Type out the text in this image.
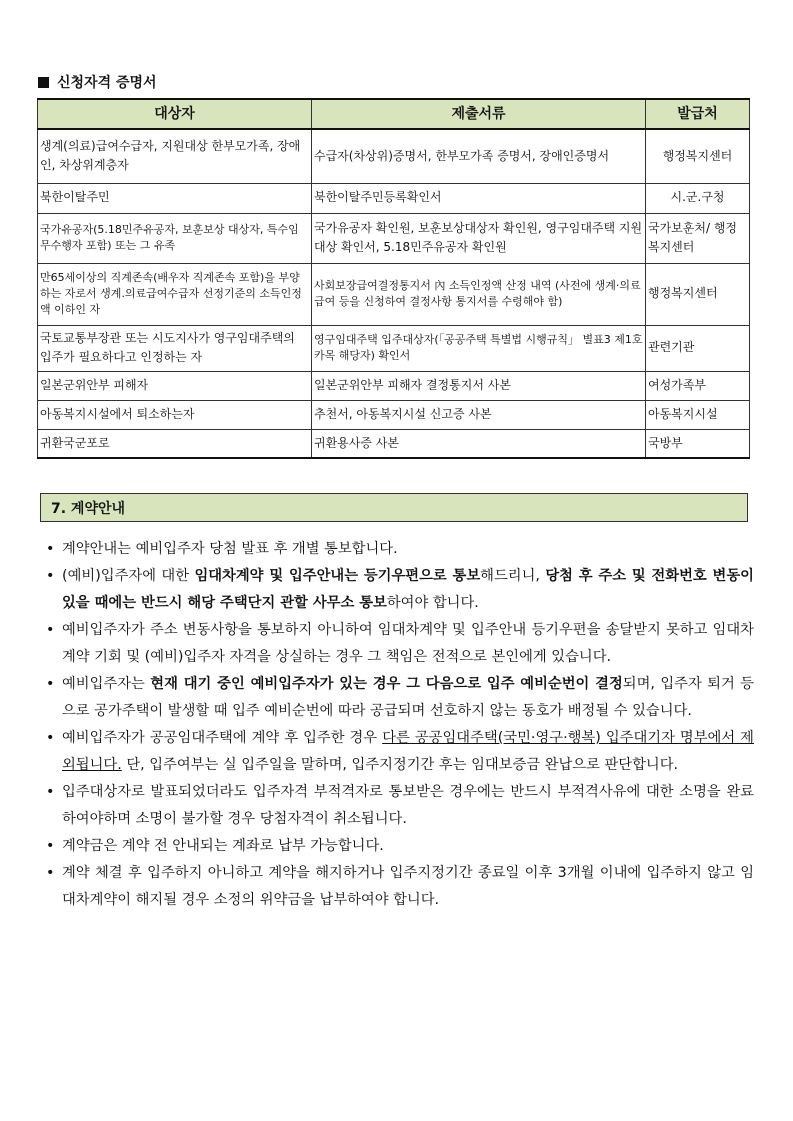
신청자격 증명서
대상자	제출서류	발급처
생계(의료)급여수급자, 지원대상 한부모가족, 장애인, 차상위계층자	수급자(차상위)증명서, 한부모가족 증명서, 장애인증명서	행정복지센터
북한이탈주민	북한이탈주민등록확인서	시.군.구청
국가유공자(5.18민주유공자, 보훈보상 대상자, 특수임무수행자 포함) 또는 그 유족	국가유공자 확인원, 보훈보상대상자 확인원, 영구임대주택 지원대상 확인서, 5.18민주유공자 확인원	국가보훈처/ 행정복지센터
만65세이상의 직계존속(배우자 직계존속 포함)을 부양하는 자로서 생계.의료급여수급자 선정기준의 소득인정액 이하인 자	사회보장급여결정통지서 內 소득인정액 산정 내역 (사전에 생계·의료급여 등을 신청하여 결정사항 통지서를 수령해야 함)	행정복지센터
국토교통부장관 또는 시도지사가 영구임대주택의 입주가 필요하다고 인정하는 자	영구임대주택 입주대상자(「공공주택 특별법 시행규칙」 별표3 제1호 카목 해당자) 확인서	관련기관
일본군위안부 피해자	일본군위안부 피해자 결정통지서 사본	여성가족부
아동복지시설에서 퇴소하는자	추천서, 아동복지시설 신고증 사본	아동복지시설
귀환국군포로	귀환용사증 사본	국방부
7. 계약안내
• 계약안내는 예비입주자 당첨 발표 후 개별 통보합니다.
• (예비)입주자에 대한 임대차계약 및 입주안내는 등기우편으로 통보해드리니, 당첨 후 주소 및 전화번호 변동이 있을 때에는 반드시 해당 주택단지 관할 사무소 통보하여야 합니다.
• 예비입주자가 주소 변동사항을 통보하지 아니하여 임대차계약 및 입주안내 등기우편을 송달받지 못하고 임대차계약 기회 및 (예비)입주자 자격을 상실하는 경우 그 책임은 전적으로 본인에게 있습니다.
• 예비입주자는 현재 대기 중인 예비입주자가 있는 경우 그 다음으로 입주 예비순번이 결정되며, 입주자 퇴거 등으로 공가주택이 발생할 때 입주 예비순번에 따라 공급되며 선호하지 않는 동호가 배정될 수 있습니다.
• 예비입주자가 공공임대주택에 계약 후 입주한 경우 다른 공공임대주택(국민·영구·행복) 입주대기자 명부에서 제외됩니다. 단, 입주여부는 실 입주일을 말하며, 입주지정기간 후는 임대보증금 완납으로 판단합니다.
• 입주대상자로 발표되었더라도 입주자격 부적격자로 통보받은 경우에는 반드시 부적격사유에 대한 소명을 완료하여야하며 소명이 불가할 경우 당첨자격이 취소됩니다.
• 계약금은 계약 전 안내되는 계좌로 납부 가능합니다.
• 계약 체결 후 입주하지 아니하고 계약을 해지하거나 입주지정기간 종료일 이후 3개월 이내에 입주하지 않고 임대차계약이 해지될 경우 소정의 위약금을 납부하여야 합니다.
